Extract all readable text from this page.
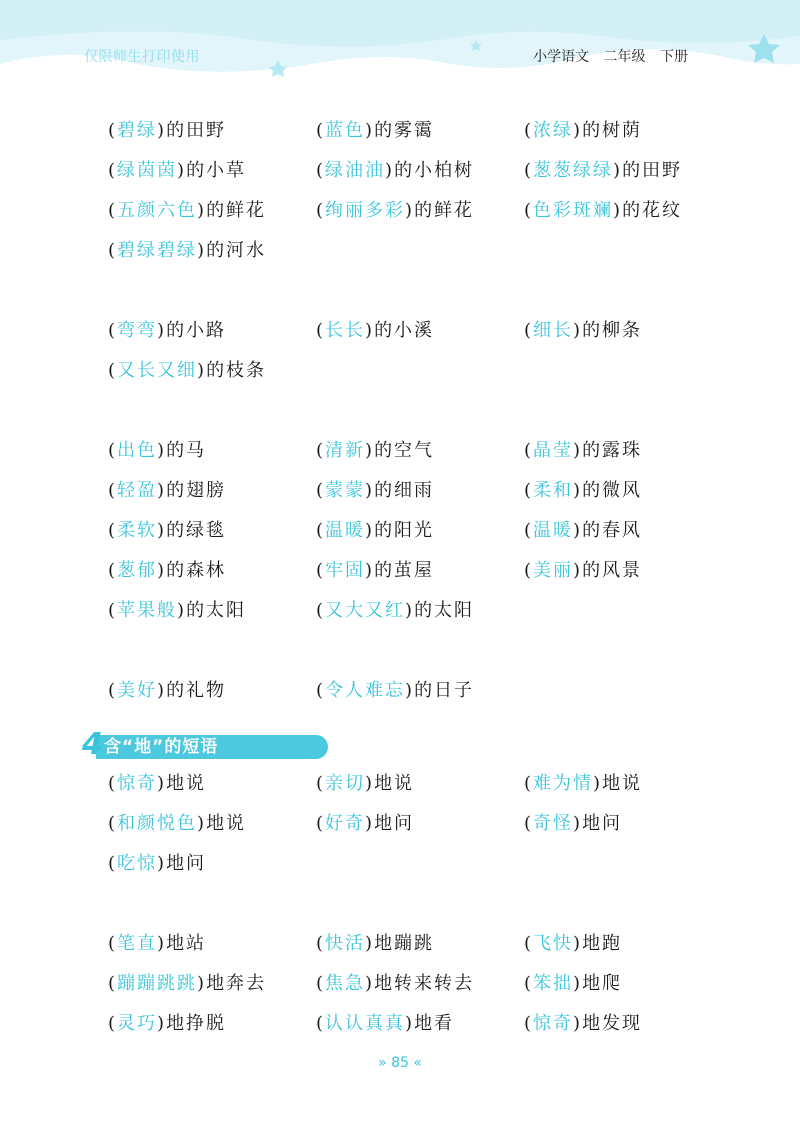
仅限师生打印使用	小学语文 二年级 下册
(碧绿)的田野	(蓝色)的雾霭	(浓绿)的树荫
(绿茵茵)的小草	(绿油油)的小柏树	(葱葱绿绿)的田野
(五颜六色)的鲜花	(绚丽多彩)的鲜花	(色彩斑斓)的花纹
(碧绿碧绿)的河水
(弯弯)的小路	(长长)的小溪	(细长)的柳条
(又长又细)的枝条
(出色)的马	(清新)的空气	(晶莹)的露珠
(轻盈)的翅膀	(蒙蒙)的细雨	(柔和)的微风
(柔软)的绿毯	(温暖)的阳光	(温暖)的春风
(葱郁)的森林	(牢固)的茧屋	(美丽)的风景
(苹果般)的太阳	(又大又红)的太阳
(美好)的礼物	(令人难忘)的日子
(惊奇)地说	(亲切)地说	(难为情)地说
(和颜悦色)地说	(好奇)地问	(奇怪)地问
(吃惊)地问
(笔直)地站	(快活)地蹦跳	(飞快)地跑
(蹦蹦跳跳)地奔去	(焦急)地转来转去	(笨拙)地爬
(灵巧)地挣脱	(认认真真)地看	(惊奇)地发现
含“地”的短语
4
» 85 «
